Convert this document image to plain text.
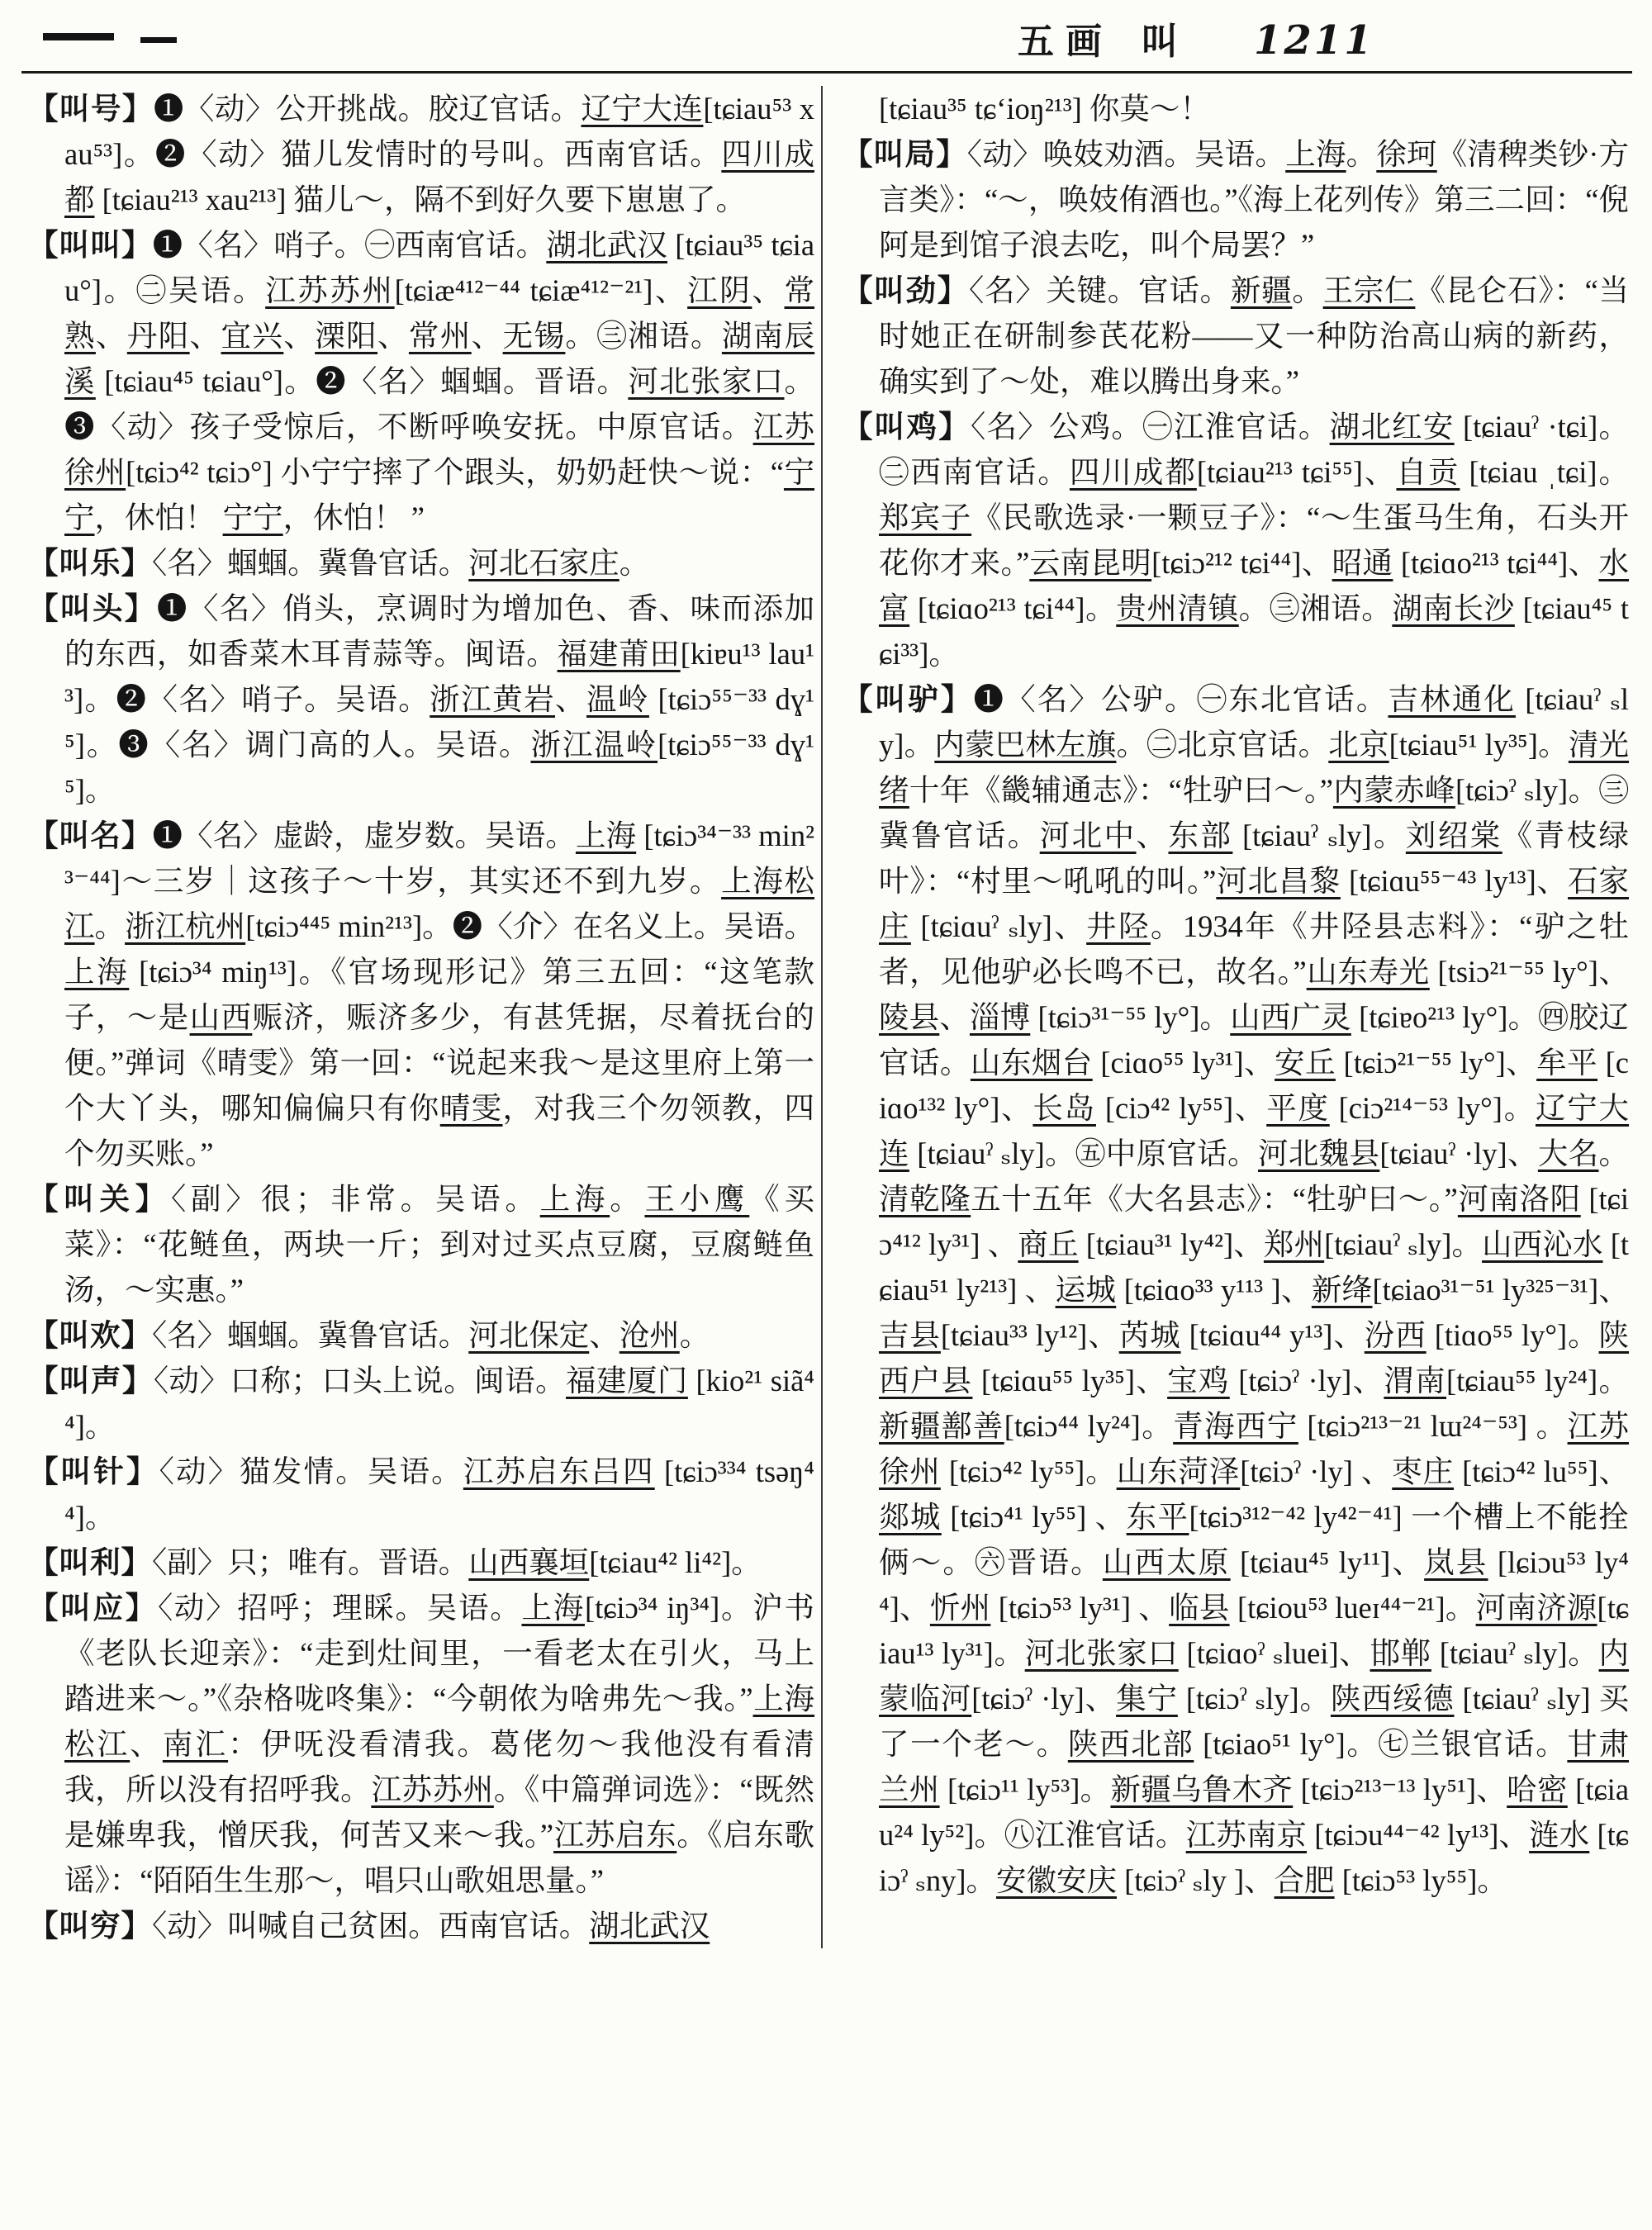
五画 叫 1211

【叫号】❶〈动〉公开挑战。胶辽官话。辽宁大连[tɕiau⁵³ xau⁵³]。❷〈动〉猫儿发情时的号叫。西南官话。四川成都 [tɕiau²¹³ xau²¹³] 猫儿～，隔不到好久要下崽崽了。

【叫叫】❶〈名〉哨子。㊀西南官话。湖北武汉 [tɕiau³⁵ tɕiau°]。㊁吴语。江苏苏州[tɕiæ⁴¹²⁻⁴⁴ tɕiæ⁴¹²⁻²¹]、江阴、常熟、丹阳、宜兴、溧阳、常州、无锡。㊂湘语。湖南辰溪 [tɕiau⁴⁵ tɕiau°]。❷〈名〉蝈蝈。晋语。河北张家口。❸〈动〉孩子受惊后，不断呼唤安抚。中原官话。江苏徐州[tɕiɔ⁴² tɕiɔ°] 小宁宁摔了个跟头，奶奶赶快～说：“宁宁，休怕！ 宁宁，休怕！ ”

【叫乐】〈名〉蝈蝈。冀鲁官话。河北石家庄。

【叫头】❶〈名〉俏头，烹调时为增加色、香、味而添加的东西，如香菜木耳青蒜等。闽语。福建莆田[kiɐu¹³ lau¹³]。❷〈名〉哨子。吴语。浙江黄岩、温岭 [tɕiɔ⁵⁵⁻³³ dɣ¹⁵]。❸〈名〉调门高的人。吴语。浙江温岭[tɕiɔ⁵⁵⁻³³ dɣ¹⁵]。

【叫名】❶〈名〉虚龄，虚岁数。吴语。上海 [tɕiɔ³⁴⁻³³ min²³⁻⁴⁴]～三岁｜这孩子～十岁，其实还不到九岁。上海松江。浙江杭州[tɕiɔ⁴⁴⁵ min²¹³]。❷〈介〉在名义上。吴语。上海 [tɕiɔ³⁴ miŋ¹³]。《官场现形记》第三五回：“这笔款子，～是山西赈济，赈济多少，有甚凭据，尽着抚台的便。”弹词《晴雯》第一回：“说起来我～是这里府上第一个大丫头，哪知偏偏只有你晴雯，对我三个勿领教，四个勿买账。”

【叫关】〈副〉很；非常。吴语。上海。王小鹰《买菜》：“花鲢鱼，两块一斤；到对过买点豆腐，豆腐鲢鱼汤，～实惠。”

【叫欢】〈名〉蝈蝈。冀鲁官话。河北保定、沧州。

【叫声】〈动〉口称；口头上说。闽语。福建厦门 [kio²¹ siã⁴⁴]。

【叫针】〈动〉猫发情。吴语。江苏启东吕四 [tɕiɔ³³⁴ tsəŋ⁴⁴]。

【叫利】〈副〉只；唯有。晋语。山西襄垣[tɕiau⁴² li⁴²]。

【叫应】〈动〉招呼；理睬。吴语。上海[tɕiɔ³⁴ iŋ³⁴]。沪书《老队长迎亲》：“走到灶间里，一看老太在引火，马上踏进来～。”《杂格咙咚集》：“今朝侬为啥弗先～我。”上海松江、南汇：伊呒没看清我。葛佬勿～我他没有看清我，所以没有招呼我。江苏苏州。《中篇弹词选》：“既然是嫌卑我，憎厌我，何苦又来～我。”江苏启东。《启东歌谣》：“陌陌生生那～，唱只山歌姐思量。”

【叫穷】〈动〉叫喊自己贫困。西南官话。湖北武汉

[tɕiau³⁵ tɕ‘ioŋ²¹³] 你莫～！

【叫局】〈动〉唤妓劝酒。吴语。上海。徐珂《清稗类钞·方言类》：“～，唤妓侑酒也。”《海上花列传》第三二回：“倪阿是到馆子浪去吃，叫个局罢？”

【叫劲】〈名〉关键。官话。新疆。王宗仁《昆仑石》：“当时她正在研制参芪花粉——又一种防治高山病的新药，确实到了～处，难以腾出身来。”

【叫鸡】〈名〉公鸡。㊀江淮官话。湖北红安 [tɕiauˀ ·tɕi]。㊁西南官话。四川成都[tɕiau²¹³ tɕi⁵⁵]、自贡 [tɕiau ˌtɕi]。郑宾子《民歌选录·一颗豆子》：“～生蛋马生角，石头开花你才来。”云南昆明[tɕiɔ²¹² tɕi⁴⁴]、昭通 [tɕiɑo²¹³ tɕi⁴⁴]、水富 [tɕiɑo²¹³ tɕi⁴⁴]。贵州清镇。㊂湘语。湖南长沙 [tɕiau⁴⁵ tɕi³³]。

【叫驴】❶〈名〉公驴。㊀东北官话。吉林通化 [tɕiauˀ ₛly]。内蒙巴林左旗。㊁北京官话。北京[tɕiau⁵¹ ly³⁵]。清光绪十年《畿辅通志》：“牡驴曰～。”内蒙赤峰[tɕiɔˀ ₛly]。㊂冀鲁官话。河北中、东部 [tɕiauˀ ₛly]。刘绍棠《青枝绿叶》：“村里～吼吼的叫。”河北昌黎 [tɕiɑu⁵⁵⁻⁴³ ly¹³]、石家庄 [tɕiɑuˀ ₛly]、井陉。1934年《井陉县志料》：“驴之牡者，见他驴必长鸣不已，故名。”山东寿光 [tsiɔ²¹⁻⁵⁵ ly°]、陵县、淄博 [tɕiɔ³¹⁻⁵⁵ ly°]。山西广灵 [tɕiɐo²¹³ ly°]。㊃胶辽官话。山东烟台 [ciɑo⁵⁵ ly³¹]、安丘 [tɕiɔ²¹⁻⁵⁵ ly°]、牟平 [ciɑo¹³² ly°]、长岛 [ciɔ⁴² ly⁵⁵]、平度 [ciɔ²¹⁴⁻⁵³ ly°]。辽宁大连 [tɕiauˀ ₛly]。㊄中原官话。河北魏县[tɕiauˀ ·ly]、大名。清乾隆五十五年《大名县志》：“牡驴曰～。”河南洛阳 [tɕiɔ⁴¹² ly³¹] 、商丘 [tɕiau³¹ ly⁴²]、郑州[tɕiauˀ ₛly]。山西沁水 [tɕiau⁵¹ ly²¹³] 、运城 [tɕiɑo³³ y¹¹³ ]、新绛[tɕiao³¹⁻⁵¹ ly³²⁵⁻³¹]、吉县[tɕiau³³ ly¹²]、芮城 [tɕiɑu⁴⁴ y¹³]、汾西 [tiɑo⁵⁵ ly°]。陕西户县 [tɕiɑu⁵⁵ ly³⁵]、宝鸡 [tɕiɔˀ ·ly]、渭南[tɕiau⁵⁵ ly²⁴]。新疆鄯善[tɕiɔ⁴⁴ ly²⁴]。青海西宁 [tɕiɔ²¹³⁻²¹ lɯ²⁴⁻⁵³] 。江苏徐州 [tɕiɔ⁴² ly⁵⁵]。山东菏泽[tɕiɔˀ ·ly] 、枣庄 [tɕiɔ⁴² lu⁵⁵]、郯城 [tɕiɔ⁴¹ ly⁵⁵] 、东平[tɕiɔ³¹²⁻⁴² ly⁴²⁻⁴¹] 一个槽上不能拴俩～。㊅晋语。山西太原 [tɕiau⁴⁵ ly¹¹]、岚县 [lɕiɔu⁵³ ly⁴⁴]、忻州 [tɕiɔ⁵³ ly³¹] 、临县 [tɕiou⁵³ lueɪ⁴⁴⁻²¹]。河南济源[tɕiau¹³ ly³¹]。河北张家口 [tɕiɑoˀ ₛluei]、邯郸 [tɕiauˀ ₛly]。内蒙临河[tɕiɔˀ ·ly]、集宁 [tɕiɔˀ ₛly]。陕西绥德 [tɕiauˀ ₛly] 买了一个老～。陕西北部 [tɕiao⁵¹ ly°]。㊆兰银官话。甘肃兰州 [tɕiɔ¹¹ ly⁵³]。新疆乌鲁木齐 [tɕiɔ²¹³⁻¹³ ly⁵¹]、哈密 [tɕiau²⁴ ly⁵²]。㊇江淮官话。江苏南京 [tɕiɔu⁴⁴⁻⁴² ly¹³]、涟水 [tɕiɔˀ ₛny]。安徽安庆 [tɕiɔˀ ₛly ]、合肥 [tɕiɔ⁵³ ly⁵⁵]。
